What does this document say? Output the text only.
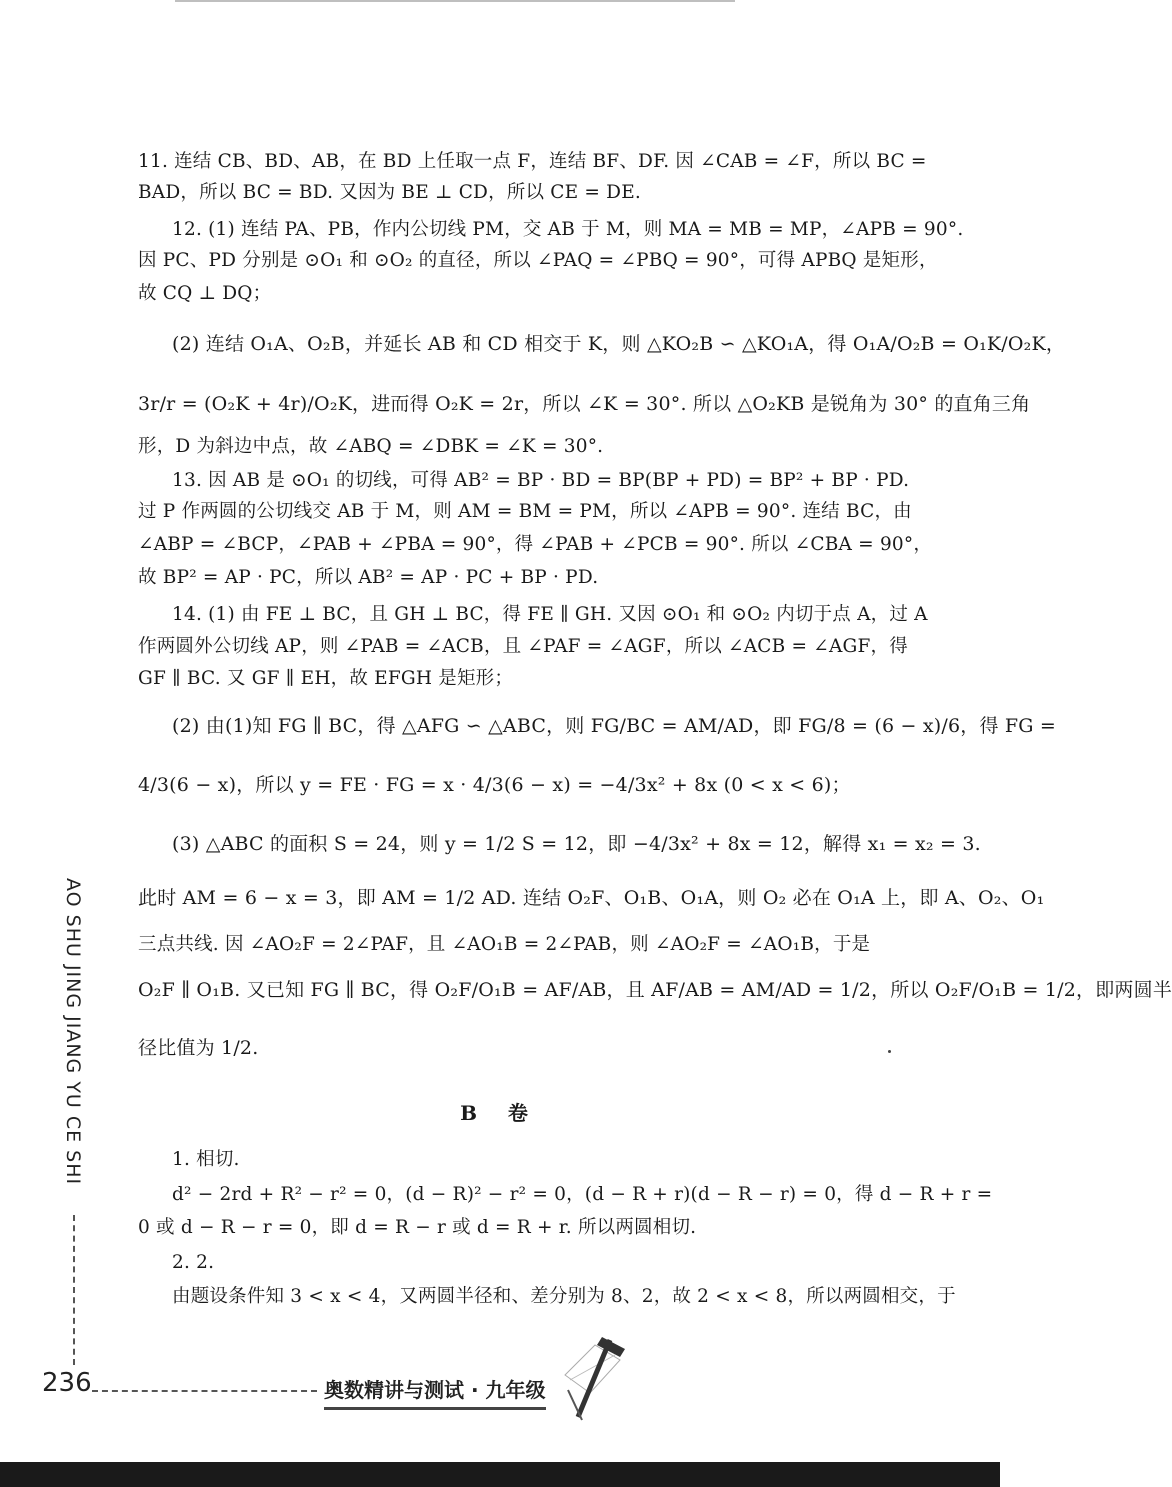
11. 连结 CB、BD、AB，在 BD 上任取一点 F，连结 BF、DF. 因 ∠CAB = ∠F，所以 BC =
BAD，所以 BC = BD. 又因为 BE ⊥ CD，所以 CE = DE.
12. (1) 连结 PA、PB，作内公切线 PM，交 AB 于 M，则 MA = MB = MP，∠APB = 90°.
因 PC、PD 分别是 ⊙O₁ 和 ⊙O₂ 的直径，所以 ∠PAQ = ∠PBQ = 90°，可得 APBQ 是矩形，
故 CQ ⊥ DQ；
(2) 连结 O₁A、O₂B，并延长 AB 和 CD 相交于 K，则 △KO₂B ∽ △KO₁A，得 O₁A/O₂B = O₁K/O₂K，
3r/r = (O₂K + 4r)/O₂K，进而得 O₂K = 2r，所以 ∠K = 30°. 所以 △O₂KB 是锐角为 30° 的直角三角
形，D 为斜边中点，故 ∠ABQ = ∠DBK = ∠K = 30°.
13. 因 AB 是 ⊙O₁ 的切线，可得 AB² = BP · BD = BP(BP + PD) = BP² + BP · PD.
过 P 作两圆的公切线交 AB 于 M，则 AM = BM = PM，所以 ∠APB = 90°. 连结 BC，由
∠ABP = ∠BCP，∠PAB + ∠PBA = 90°，得 ∠PAB + ∠PCB = 90°. 所以 ∠CBA = 90°，
故 BP² = AP · PC，所以 AB² = AP · PC + BP · PD.
14. (1) 由 FE ⊥ BC，且 GH ⊥ BC，得 FE ∥ GH. 又因 ⊙O₁ 和 ⊙O₂ 内切于点 A，过 A
作两圆外公切线 AP，则 ∠PAB = ∠ACB，且 ∠PAF = ∠AGF，所以 ∠ACB = ∠AGF，得
GF ∥ BC. 又 GF ∥ EH，故 EFGH 是矩形；
(2) 由(1)知 FG ∥ BC，得 △AFG ∽ △ABC，则 FG/BC = AM/AD，即 FG/8 = (6 − x)/6，得 FG =
4/3(6 − x)，所以 y = FE · FG = x · 4/3(6 − x) = −4/3x² + 8x (0 < x < 6)；
(3) △ABC 的面积 S = 24，则 y = 1/2 S = 12，即 −4/3x² + 8x = 12，解得 x₁ = x₂ = 3.
此时 AM = 6 − x = 3，即 AM = 1/2 AD. 连结 O₂F、O₁B、O₁A，则 O₂ 必在 O₁A 上，即 A、O₂、O₁
三点共线. 因 ∠AO₂F = 2∠PAF，且 ∠AO₁B = 2∠PAB，则 ∠AO₂F = ∠AO₁B，于是
O₂F ∥ O₁B. 又已知 FG ∥ BC，得 O₂F/O₁B = AF/AB，且 AF/AB = AM/AD = 1/2，所以 O₂F/O₁B = 1/2，即两圆半
径比值为 1/2.
B 卷
1. 相切.
d² − 2rd + R² − r² = 0，(d − R)² − r² = 0，(d − R + r)(d − R − r) = 0，得 d − R + r =
0 或 d − R − r = 0，即 d = R − r 或 d = R + r. 所以两圆相切.
2. 2.
由题设条件知 3 < x < 4，又两圆半径和、差分别为 8、2，故 2 < x < 8，所以两圆相交，于
AO SHU JING JIANG YU CE SHI
236	奥数精讲与测试 · 九年级
